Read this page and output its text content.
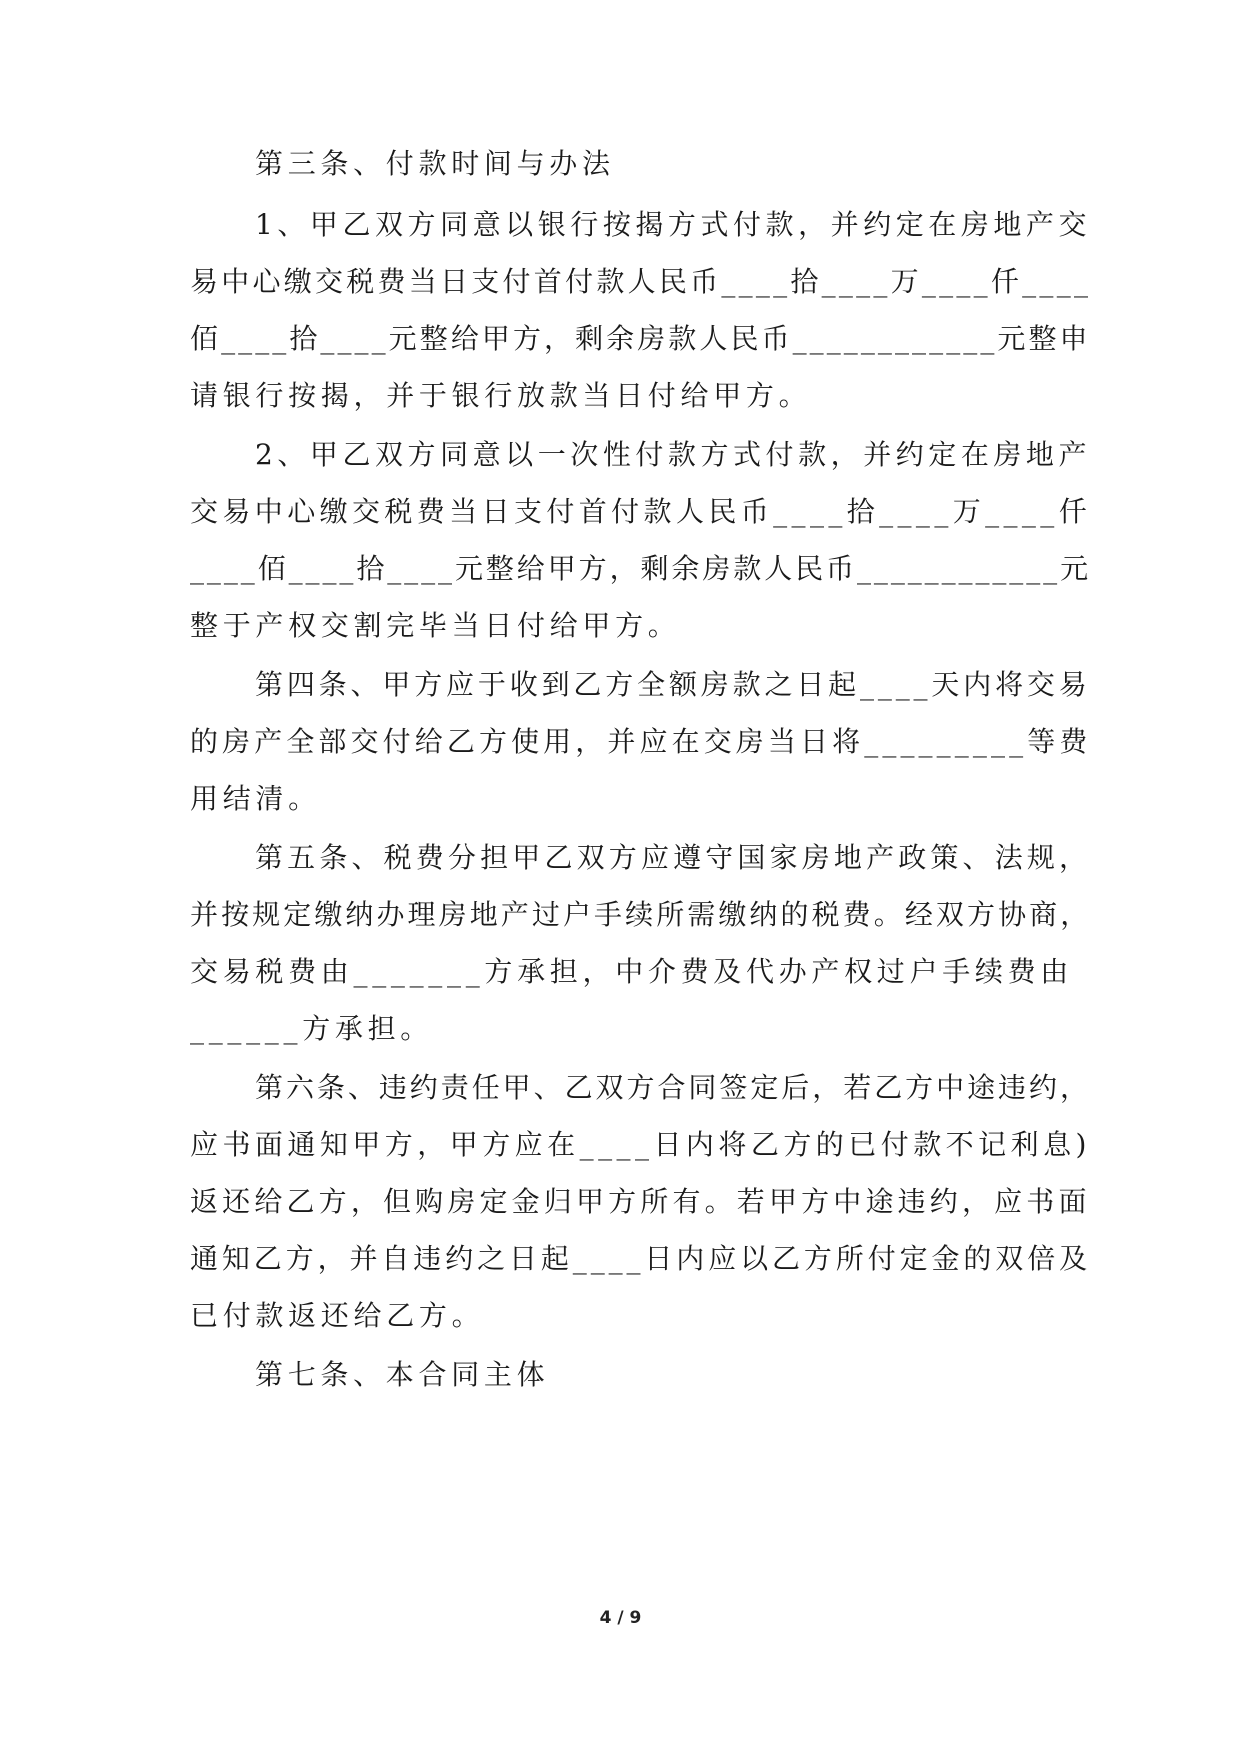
第三条、付款时间与办法
1、甲乙双方同意以银行按揭方式付款，并约定在房地产交
易中心缴交税费当日支付首付款人民币____拾____万____仟____
佰____拾____元整给甲方，剩余房款人民币____________元整申
请银行按揭，并于银行放款当日付给甲方。
2、甲乙双方同意以一次性付款方式付款，并约定在房地产
交易中心缴交税费当日支付首付款人民币____拾____万____仟
____佰____拾____元整给甲方，剩余房款人民币____________元
整于产权交割完毕当日付给甲方。
第四条、甲方应于收到乙方全额房款之日起____天内将交易
的房产全部交付给乙方使用，并应在交房当日将_________等费
用结清。
第五条、税费分担甲乙双方应遵守国家房地产政策、法规，
并按规定缴纳办理房地产过户手续所需缴纳的税费。经双方协商，
交易税费由_______方承担，中介费及代办产权过户手续费由
______方承担。
第六条、违约责任甲、乙双方合同签定后，若乙方中途违约，
应书面通知甲方，甲方应在____日内将乙方的已付款不记利息)
返还给乙方，但购房定金归甲方所有。若甲方中途违约，应书面
通知乙方，并自违约之日起____日内应以乙方所付定金的双倍及
已付款返还给乙方。
第七条、本合同主体
4 / 9
